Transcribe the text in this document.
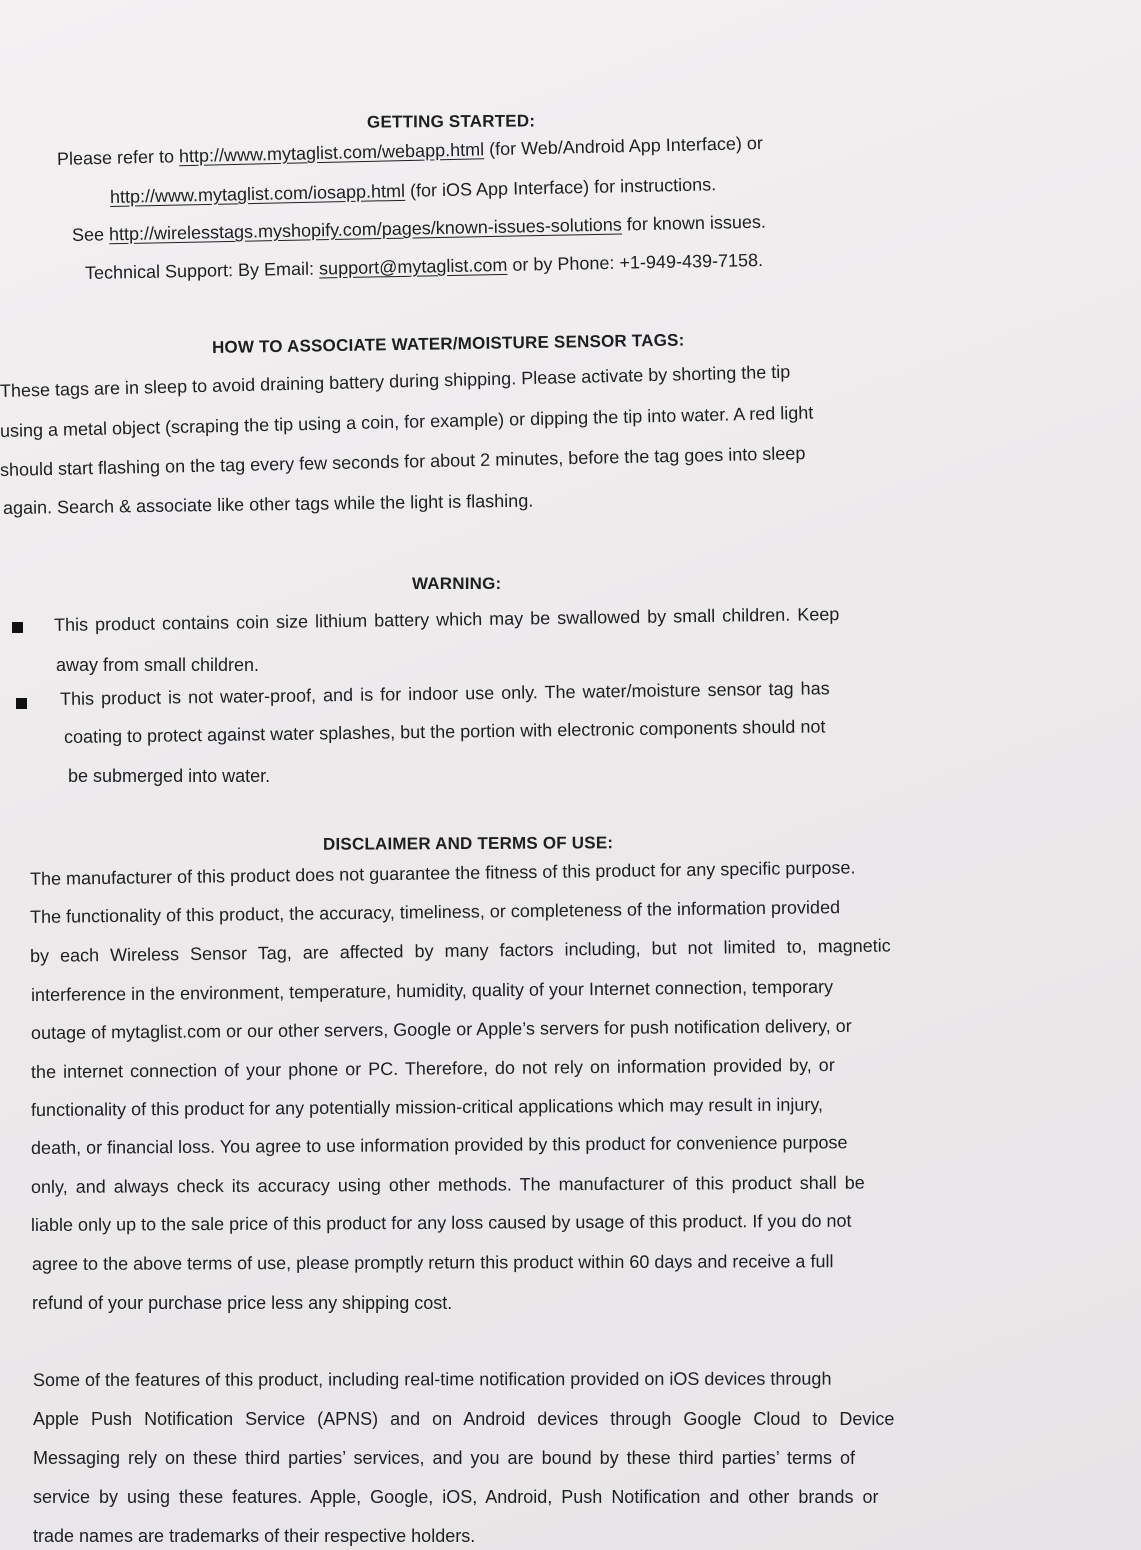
GETTING STARTED:
Please refer to http://www.mytaglist.com/webapp.html (for Web/Android App Interface) or
http://www.mytaglist.com/iosapp.html (for iOS App Interface) for instructions.
See http://wirelesstags.myshopify.com/pages/known-issues-solutions for known issues.
Technical Support: By Email: support@mytaglist.com or by Phone: +1-949-439-7158.
HOW TO ASSOCIATE WATER/MOISTURE SENSOR TAGS:
These tags are in sleep to avoid draining battery during shipping. Please activate by shorting the tip
using a metal object (scraping the tip using a coin, for example) or dipping the tip into water. A red light
should start flashing on the tag every few seconds for about 2 minutes, before the tag goes into sleep
again. Search & associate like other tags while the light is flashing.
WARNING:
This product contains coin size lithium battery which may be swallowed by small children. Keep
away from small children.
This product is not water-proof, and is for indoor use only. The water/moisture sensor tag has
coating to protect against water splashes, but the portion with electronic components should not
be submerged into water.
DISCLAIMER AND TERMS OF USE:
The manufacturer of this product does not guarantee the fitness of this product for any specific purpose.
The functionality of this product, the accuracy, timeliness, or completeness of the information provided
by each Wireless Sensor Tag, are affected by many factors including, but not limited to, magnetic
interference in the environment, temperature, humidity, quality of your Internet connection, temporary
outage of mytaglist.com or our other servers, Google or Apple’s servers for push notification delivery, or
the internet connection of your phone or PC. Therefore, do not rely on information provided by, or
functionality of this product for any potentially mission-critical applications which may result in injury,
death, or financial loss. You agree to use information provided by this product for convenience purpose
only, and always check its accuracy using other methods. The manufacturer of this product shall be
liable only up to the sale price of this product for any loss caused by usage of this product. If you do not
agree to the above terms of use, please promptly return this product within 60 days and receive a full
refund of your purchase price less any shipping cost.
Some of the features of this product, including real-time notification provided on iOS devices through
Apple Push Notification Service (APNS) and on Android devices through Google Cloud to Device
Messaging rely on these third parties’ services, and you are bound by these third parties’ terms of
service by using these features. Apple, Google, iOS, Android, Push Notification and other brands or
trade names are trademarks of their respective holders.
